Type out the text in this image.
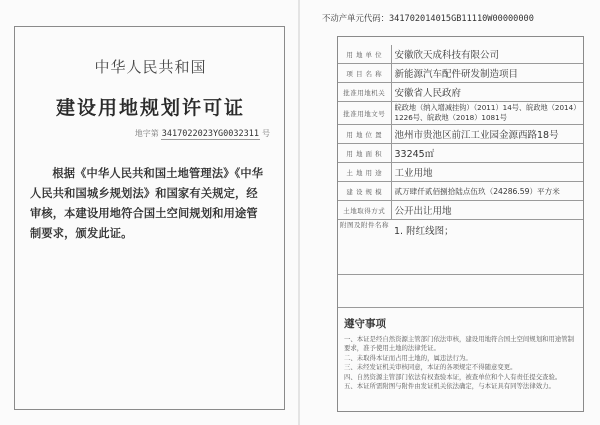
中华人民共和国
建设用地规划许可证
地字第 3417022023YG0032311 号
根据《中华人民共和国土地管理法》《中华人民共和国城乡规划法》和国家有关规定，经审核，本建设用地符合国土空间规划和用途管制要求，颁发此证。
不动产单元代码：341702014015GB11110W00000000
用 地 单 位	安徽欣天成科技有限公司
项 目 名 称	新能源汽车配件研发制造项目
批准用地机关	安徽省人民政府
批准用地文号	皖政地（纳入增减挂钩）（2011）14号、皖政地（2014）1226号、皖政地（2018）1081号
用 地 位 置	池州市贵池区前江工业园金源西路18号
用 地 面 积	33245㎡
土 地 用 途	工业用地
建 设 规 模	贰万肆仟贰佰捌拾陆点伍玖（24286.59）平方米
土地取得方式	公开出让用地
附图及附件名称	1. 附红线图；
遵守事项
一、本证是经自然资源主管部门依法审核，建设用地符合国土空间规划和用途管制要求，准予使用土地的法律凭证。
二、未取得本证而占用土地的，属违法行为。
三、未经发证机关审核同意，本证的各项规定不得随意变更。
四、自然资源主管部门依法有权查验本证，被查单位和个人有责任提交查验。
五、本证所需附图与附件由发证机关依法确定，与本证具有同等法律效力。
